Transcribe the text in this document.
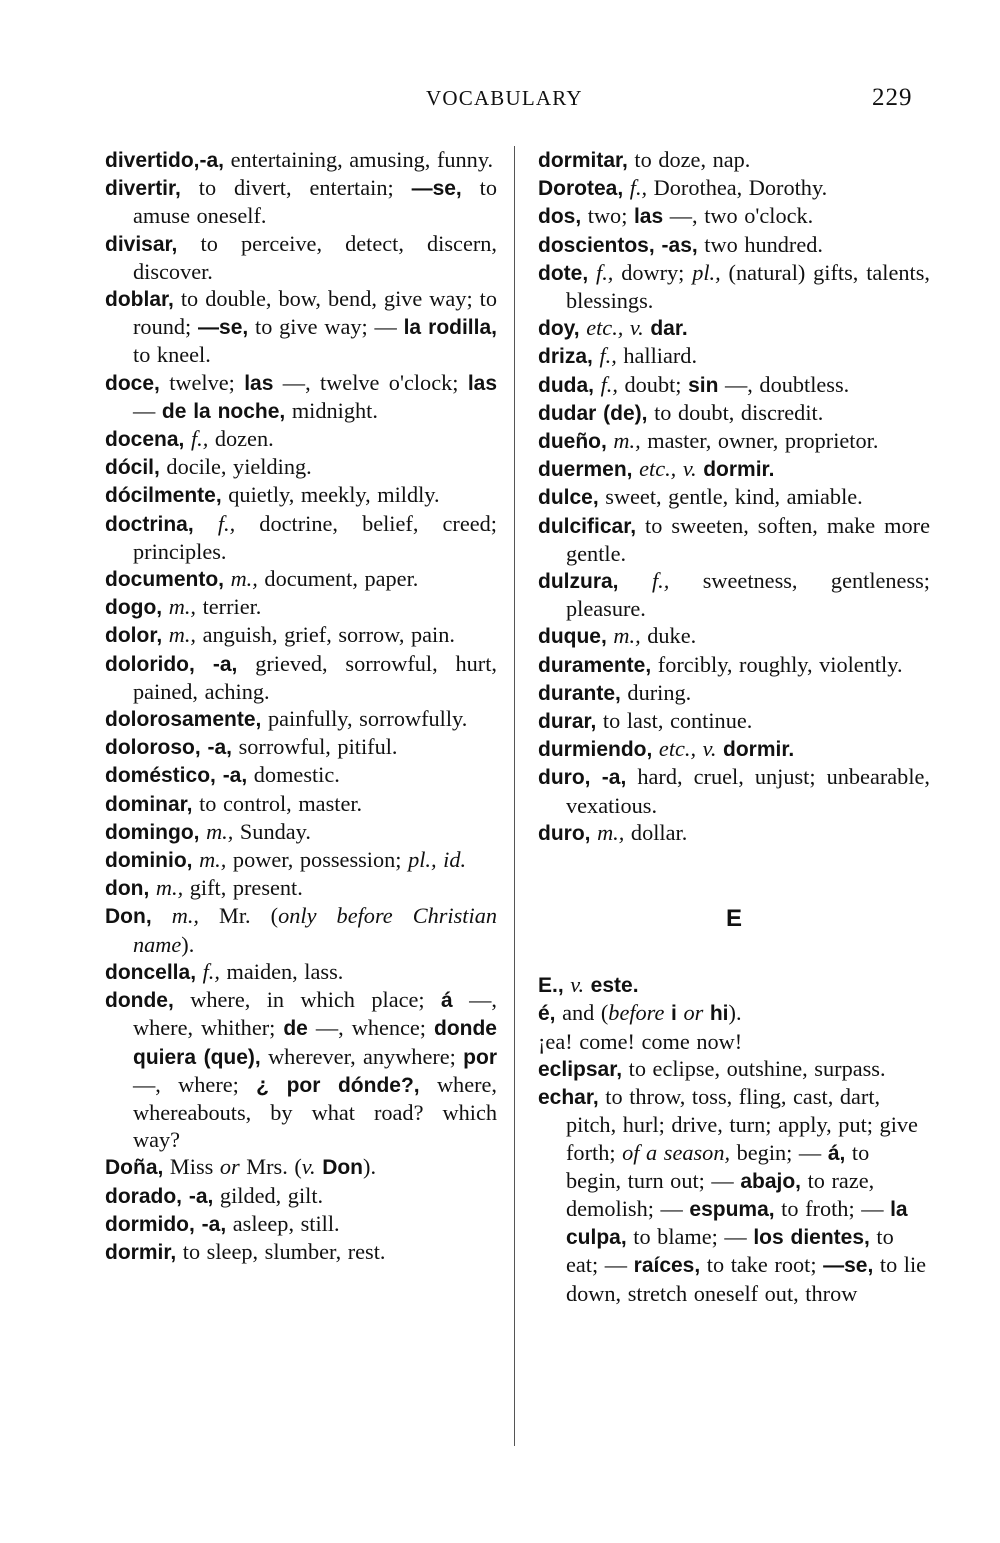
VOCABULARY	229
divertido,-a, entertaining, amusing, funny.
divertir, to divert, entertain; —se, to amuse oneself.
divisar, to perceive, detect, discern, discover.
doblar, to double, bow, bend, give way; to round; —se, to give way; — la rodilla, to kneel.
doce, twelve; las —, twelve o'clock; las — de la noche, midnight.
docena, f., dozen.
dócil, docile, yielding.
dócilmente, quietly, meekly, mildly.
doctrina, f., doctrine, belief, creed; principles.
documento, m., document, paper.
dogo, m., terrier.
dolor, m., anguish, grief, sorrow, pain.
dolorido, -a, grieved, sorrowful, hurt, pained, aching.
dolorosamente, painfully, sorrowfully.
doloroso, -a, sorrowful, pitiful.
doméstico, -a, domestic.
dominar, to control, master.
domingo, m., Sunday.
dominio, m., power, possession; pl., id.
don, m., gift, present.
Don, m., Mr. (only before Christian name).
doncella, f., maiden, lass.
donde, where, in which place; á —, where, whither; de —, whence; donde quiera (que), wherever, anywhere; por —, where; ¿ por dónde?, where, whereabouts, by what road? which way?
Doña, Miss or Mrs. (v. Don).
dorado, -a, gilded, gilt.
dormido, -a, asleep, still.
dormir, to sleep, slumber, rest.
dormitar, to doze, nap.
Dorotea, f., Dorothea, Dorothy.
dos, two; las —, two o'clock.
doscientos, -as, two hundred.
dote, f., dowry; pl., (natural) gifts, talents, blessings.
doy, etc., v. dar.
driza, f., halliard.
duda, f., doubt; sin —, doubtless.
dudar (de), to doubt, discredit.
dueño, m., master, owner, proprietor.
duermen, etc., v. dormir.
dulce, sweet, gentle, kind, amiable.
dulcificar, to sweeten, soften, make more gentle.
dulzura, f., sweetness, gentleness; pleasure.
duque, m., duke.
duramente, forcibly, roughly, violently.
durante, during.
durar, to last, continue.
durmiendo, etc., v. dormir.
duro, -a, hard, cruel, unjust; unbearable, vexatious.
duro, m., dollar.
E
E., v. este.
é, and (before i or hi).
¡ea! come! come now!
eclipsar, to eclipse, outshine, surpass.
echar, to throw, toss, fling, cast, dart, pitch, hurl; drive, turn; apply, put; give forth; of a season, begin; — á, to begin, turn out; — abajo, to raze, demolish; — espuma, to froth; — la culpa, to blame; — los dientes, to eat; — raíces, to take root; —se, to lie down, stretch oneself out, throw
